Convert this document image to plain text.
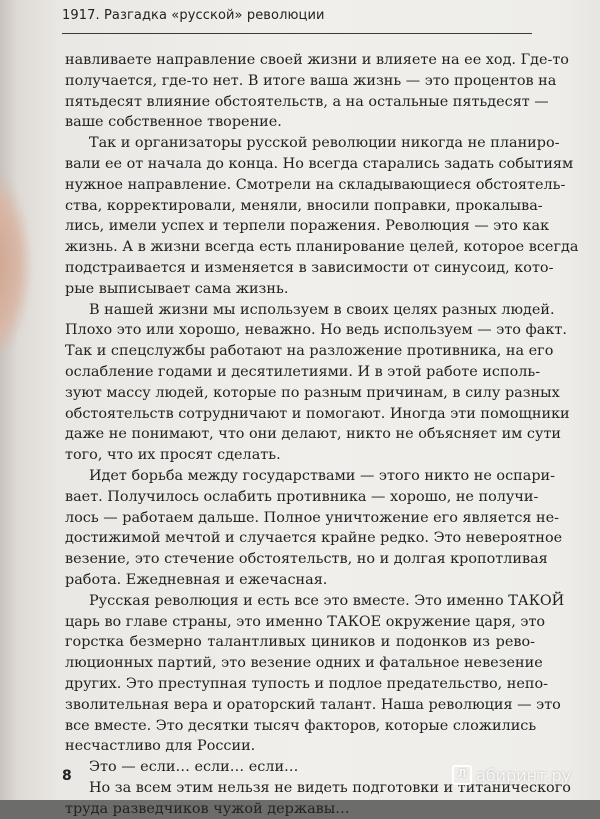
1917. Разгадка «русской» революции
навливаете направление своей жизни и влияете на ее ход. Где-то
получается, где-то нет. В итоге ваша жизнь — это процентов на
пятьдесят влияние обстоятельств, а на остальные пятьдесят —
ваше собственное творение.
Так и организаторы русской революции никогда не планиро-
вали ее от начала до конца. Но всегда старались задать событиям
нужное направление. Смотрели на складывающиеся обстоятель-
ства, корректировали, меняли, вносили поправки, прокалыва-
лись, имели успех и терпели поражения. Революция — это как
жизнь. А в жизни всегда есть планирование целей, которое всегда
подстраивается и изменяется в зависимости от синусоид, кото-
рые выписывает сама жизнь.
В нашей жизни мы используем в своих целях разных людей.
Плохо это или хорошо, неважно. Но ведь используем — это факт.
Так и спецслужбы работают на разложение противника, на его
ослабление годами и десятилетиями. И в этой работе исполь-
зуют массу людей, которые по разным причинам, в силу разных
обстоятельств сотрудничают и помогают. Иногда эти помощники
даже не понимают, что они делают, никто не объясняет им сути
того, что их просят сделать.
Идет борьба между государствами — этого никто не оспари-
вает. Получилось ослабить противника — хорошо, не получи-
лось — работаем дальше. Полное уничтожение его является не-
достижимой мечтой и случается крайне редко. Это невероятное
везение, это стечение обстоятельств, но и долгая кропотливая
работа. Ежедневная и ежечасная.
Русская революция и есть все это вместе. Это именно ТАКОЙ
царь во главе страны, это именно ТАКОЕ окружение царя, это
горстка безмерно талантливых циников и подонков из рево-
люционных партий, это везение одних и фатальное невезение
других. Это преступная тупость и подлое предательство, непо-
зволительная вера и ораторский талант. Наша революция — это
все вместе. Это десятки тысяч факторов, которые сложились
несчастливо для России.
Это — если… если… если…
Но за всем этим нельзя не видеть подготовки и титанического
труда разведчиков чужой державы…
8	Л абиринт.ру
